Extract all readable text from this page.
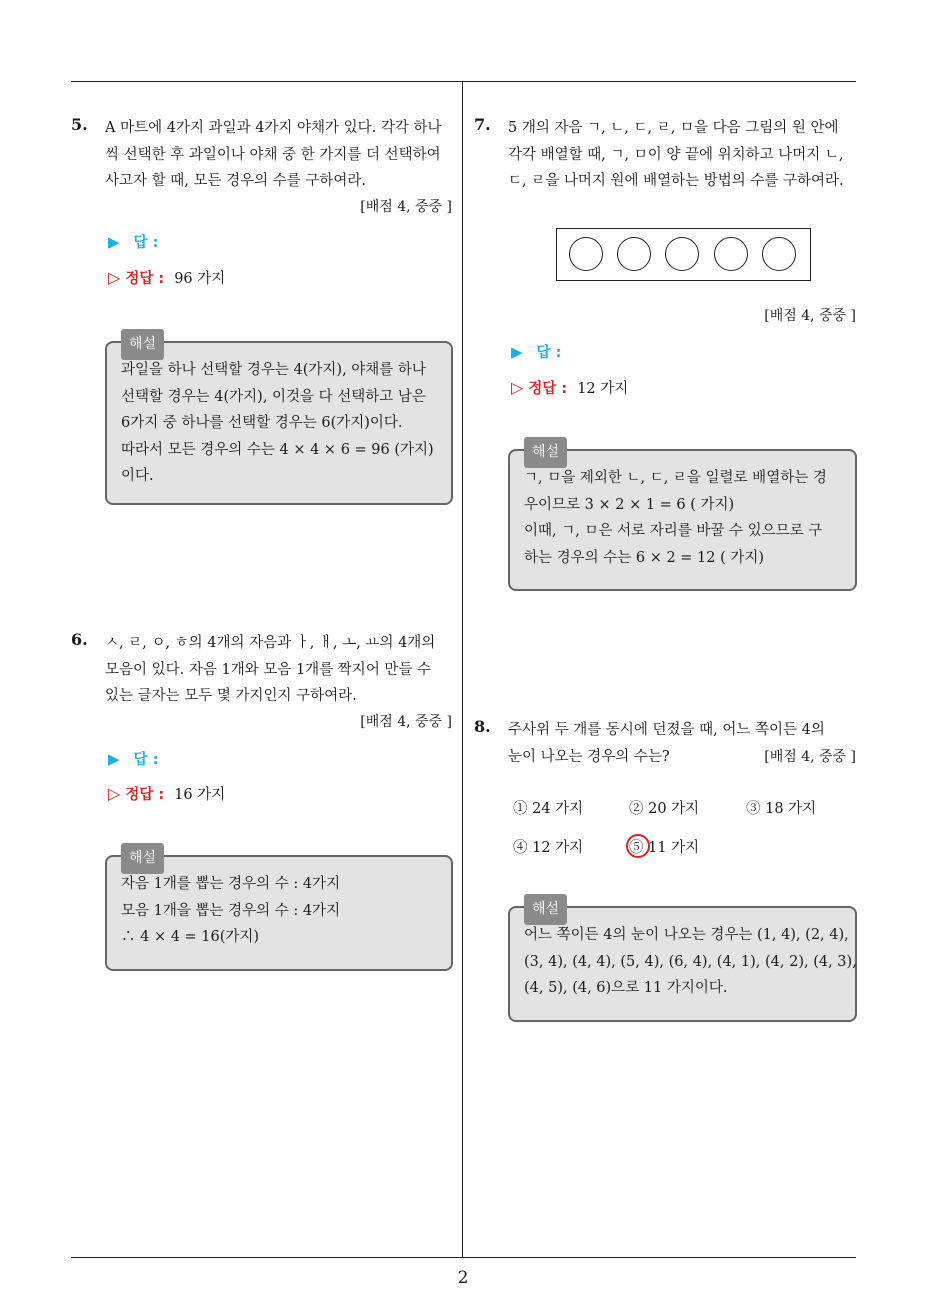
5. A 마트에 4가지 과일과 4가지 야채가 있다. 각각 하나
씩 선택한 후 과일이나 야채 중 한 가지를 더 선택하여
사고자 할 때, 모든 경우의 수를 구하여라.
[배점 4, 중중 ]
▶ 답 :
▷ 정답 : 96 가지
해설
과일을 하나 선택할 경우는 4(가지), 야채를 하나
선택할 경우는 4(가지), 이것을 다 선택하고 남은
6가지 중 하나를 선택할 경우는 6(가지)이다.
따라서 모든 경우의 수는 4 × 4 × 6 = 96 (가지)
이다.
6. ㅅ, ㄹ, ㅇ, ㅎ의 4개의 자음과 ㅏ, ㅐ, ㅗ, ㅛ의 4개의
모음이 있다. 자음 1개와 모음 1개를 짝지어 만들 수
있는 글자는 모두 몇 가지인지 구하여라.
[배점 4, 중중 ]
▶ 답 :
▷ 정답 : 16 가지
해설
자음 1개를 뽑는 경우의 수 : 4가지
모음 1개을 뽑는 경우의 수 : 4가지
∴ 4 × 4 = 16(가지)
7. 5 개의 자음 ㄱ, ㄴ, ㄷ, ㄹ, ㅁ을 다음 그림의 원 안에
각각 배열할 때, ㄱ, ㅁ이 양 끝에 위치하고 나머지 ㄴ,
ㄷ, ㄹ을 나머지 원에 배열하는 방법의 수를 구하여라.
[배점 4, 중중 ]
▶ 답 :
▷ 정답 : 12 가지
해설
ㄱ, ㅁ을 제외한 ㄴ, ㄷ, ㄹ을 일렬로 배열하는 경
우이므로 3 × 2 × 1 = 6 ( 가지)
이때, ㄱ, ㅁ은 서로 자리를 바꿀 수 있으므로 구
하는 경우의 수는 6 × 2 = 12 ( 가지)
8. 주사위 두 개를 동시에 던졌을 때, 어느 쪽이든 4의
눈이 나오는 경우의 수는?	[배점 4, 중중 ]
① 24 가지	② 20 가지	③ 18 가지
④ 12 가지	⑤ 11 가지
해설
어느 쪽이든 4의 눈이 나오는 경우는 (1, 4), (2, 4),
(3, 4), (4, 4), (5, 4), (6, 4), (4, 1), (4, 2), (4, 3),
(4, 5), (4, 6)으로 11 가지이다.
2
